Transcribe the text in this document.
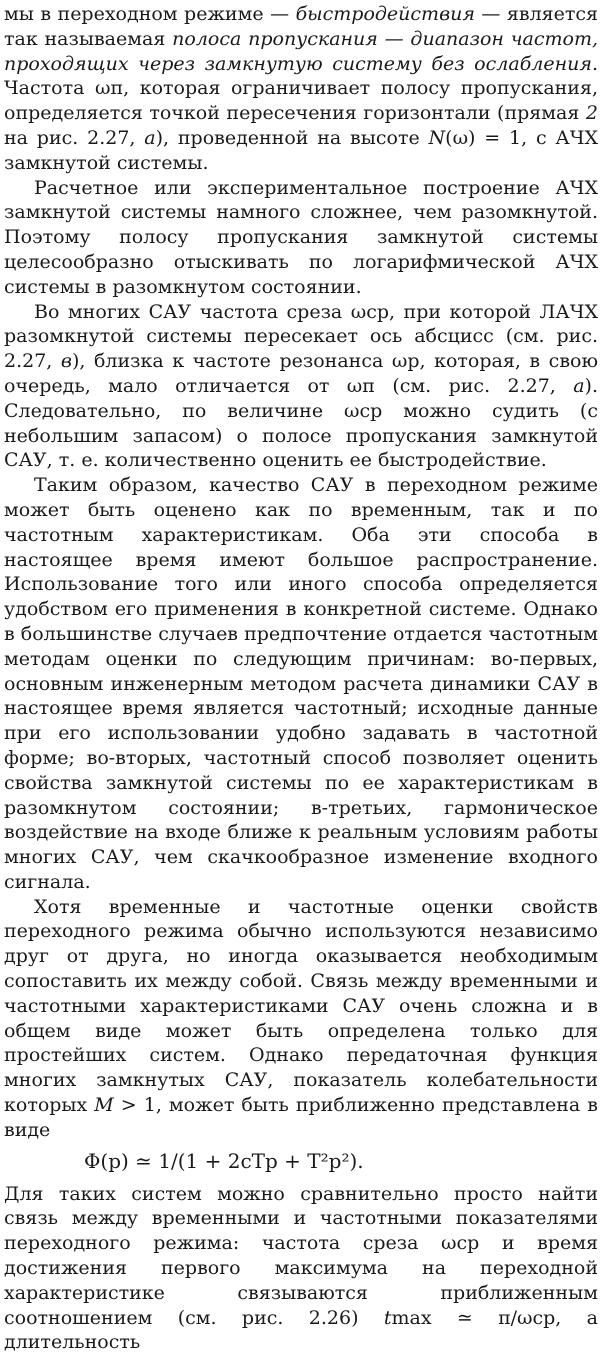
мы в переходном режиме — быстродействия — является так называемая полоса пропускания — диапазон частот, проходящих через замкнутую систему без ослабления. Частота ωп, которая ограничивает полосу пропускания, определяется точкой пересечения горизонтали (прямая 2 на рис. 2.27, а), проведенной на высоте N(ω) = 1, с АЧХ замкнутой системы.

Расчетное или экспериментальное построение АЧХ замкнутой системы намного сложнее, чем разомкнутой. Поэтому полосу пропускания замкнутой системы целесообразно отыскивать по логарифмической АЧХ системы в разомкнутом состоянии.

Во многих САУ частота среза ωср, при которой ЛАЧХ разомкнутой системы пересекает ось абсцисс (см. рис. 2.27, в), близка к частоте резонанса ωр, которая, в свою очередь, мало отличается от ωп (см. рис. 2.27, а). Следовательно, по величине ωср можно судить (с небольшим запасом) о полосе пропускания замкнутой САУ, т. е. количественно оценить ее быстродействие.

Таким образом, качество САУ в переходном режиме может быть оценено как по временным, так и по частотным характеристикам. Оба эти способа в настоящее время имеют большое распространение. Использование того или иного способа определяется удобством его применения в конкретной системе. Однако в большинстве случаев предпочтение отдается частотным методам оценки по следующим причинам: во-первых, основным инженерным методом расчета динамики САУ в настоящее время является частотный; исходные данные при его использовании удобно задавать в частотной форме; во-вторых, частотный способ позволяет оценить свойства замкнутой системы по ее характеристикам в разомкнутом состоянии; в-третьих, гармоническое воздействие на входе ближе к реальным условиям работы многих САУ, чем скачкообразное изменение входного сигнала.

Хотя временные и частотные оценки свойств переходного режима обычно используются независимо друг от друга, но иногда оказывается необходимым сопоставить их между собой. Связь между временными и частотными характеристиками САУ очень сложна и в общем виде может быть определена только для простейших систем. Однако передаточная функция многих замкнутых САУ, показатель колебательности которых M > 1, может быть приближенно представлена в виде

Φ(p) ≃ 1/(1 + 2cTp + T²p²).

Для таких систем можно сравнительно просто найти связь между временными и частотными показателями переходного режима: частота среза ωср и время достижения первого максимума на переходной характеристике связываются приближенным соотношением (см. рис. 2.26) tmax ≃ π/ωср, а длительность
